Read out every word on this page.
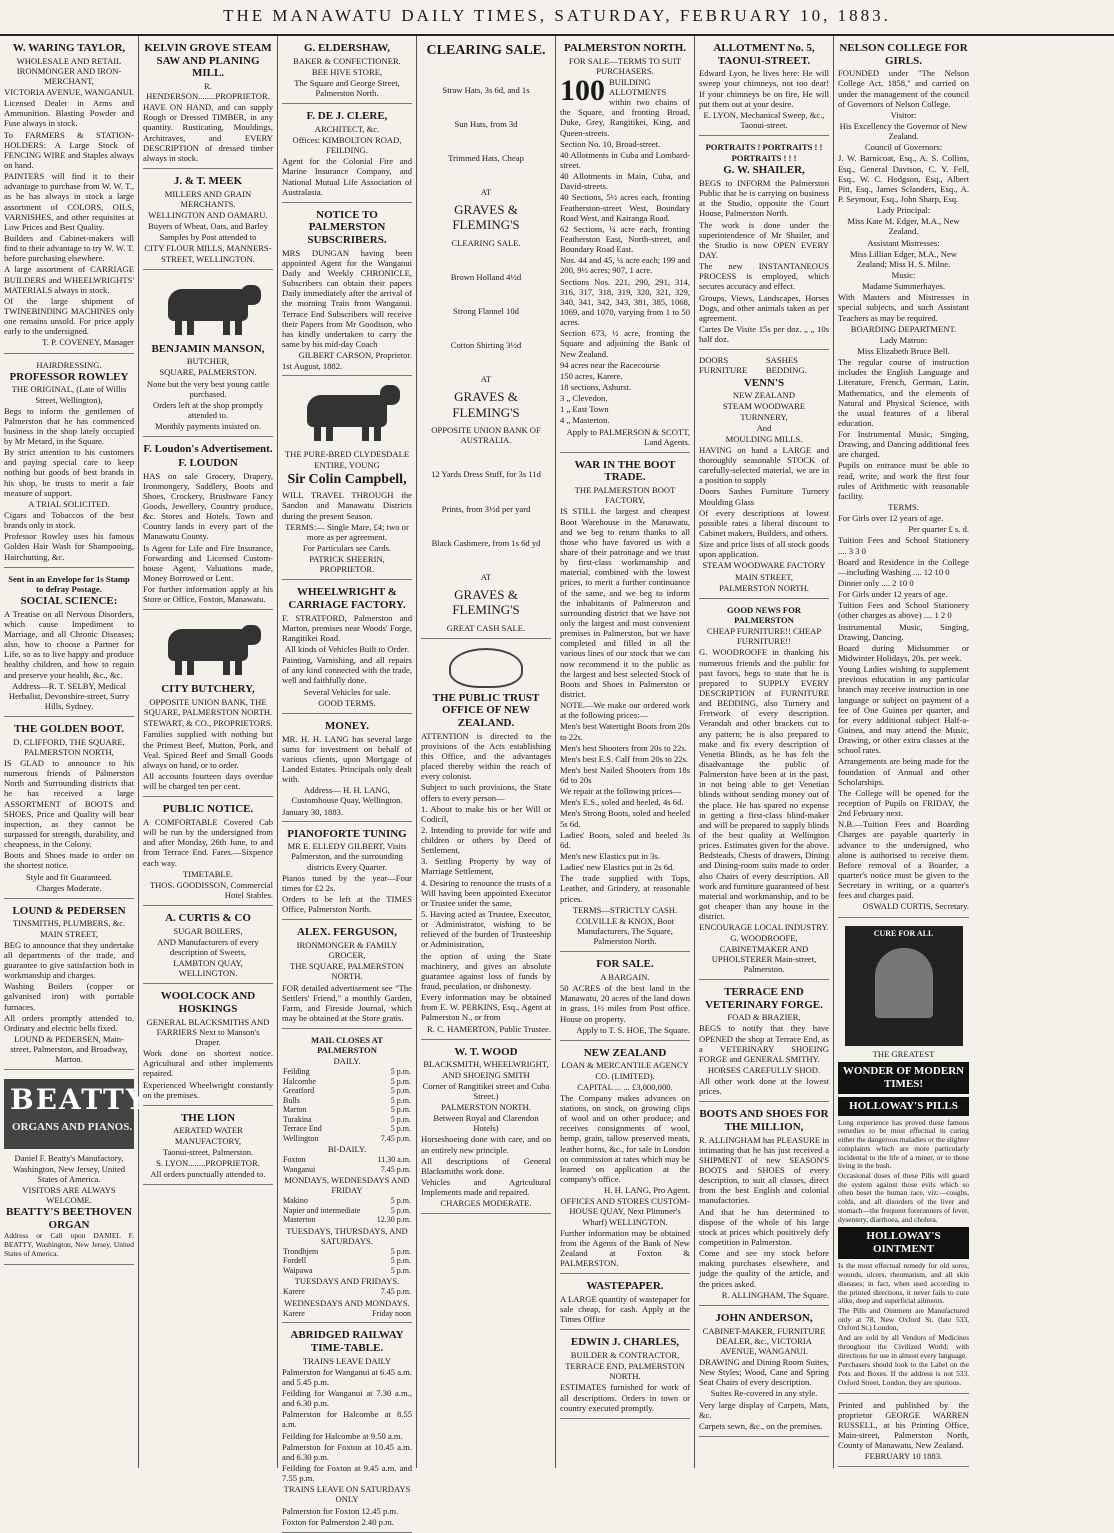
THE MANAWATU DAILY TIMES, SATURDAY, FEBRUARY 10, 1883.
W. WARING TAYLOR,
WHOLESALE AND RETAIL IRONMONGER AND IRON-MERCHANT,
VICTORIA AVENUE, WANGANUI.

Licensed Dealer in Arms and Ammunition. Blasting Powder and Fuse always in stock.

To FARMERS & STATION-HOLDERS: A Large Stock of FENCING WIRE and Staples always on hand.

PAINTERS will find it to their advantage to purchase from W. W. T., as he has always in stock a large assortment of COLORS, OILS, VARNISHES, and other requisites at Low Prices and Best Quality.

Builders and Cabinet-makers will find to their advantage to try W. W. T. before purchasing elsewhere.

A large assortment of CARRIAGE BUILDERS and WHEELWRIGHTS' MATERIALS always in stock.

Of the large shipment of TWINEBINDING MACHINES only one remains unsold. For price apply early to the undersigned.

T. P. COVENEY, Manager
HAIRDRESSING.
PROFESSOR ROWLEY
THE ORIGINAL, (Late of Willis Street, Wellington),

Begs to inform the gentlemen of Palmerston that he has commenced business in the shop lately occupied by Mr Metard, in the Square.

By strict attention to his customers and paying special care to keep nothing but goods of best brands in his shop, he trusts to merit a fair measure of support.

A TRIAL SOLICITED.

Cigars and Tobaccos of the best brands only in stock.

Professor Rowley uses his famous Golden Hair Wash for Shampooing, Hairchutting, &c.

Sent in an Envelope for 1s Stamp to defray Postage.
SOCIAL SCIENCE:

A Treatise on all Nervous Disorders, which cause Impediment to Marriage, and all Chronic Diseases; also, how to choose a Partner for Life, so as to live happy and produce healthy children, and how to regain and preserve your health, &c., &c.

Address—R. T. SELBY, Medical Herbalist, Devonshire-street, Surry Hills, Sydney.
THE GOLDEN BOOT.
D. CLIFFORD, THE SQUARE, PALMERSTON NORTH,

IS GLAD to announce to his numerous friends of Palmerston North and Surrounding districts that he has received a large ASSORTMENT of BOOTS and SHOES, Price and Quality will bear inspection, as they cannot be surpassed for strength, durability, and cheapness, in the Colony.

Boots and Shoes made to order on the shortest notice.

Style and fit Guaranteed.
Charges Moderate.
LOUND & PEDERSEN
TINSMITHS, PLUMBERS, &c. MAIN STREET,

BEG to announce that they undertake all departments of the trade, and guarantee to give satisfaction both in workmanship and charges.

Washing Boilers (copper or galvanised iron) with portable furnaces.

All orders promptly attended to. Ordinary and electric bells fixed.

LOUND & PEDERSEN, Main-street, Palmerston, and Broadway, Marton.
BEATTY
ORGANS AND PIANOS.
Daniel F. Beatty's Manufactory, Washington, New Jersey, United States of America.
VISITORS ARE ALWAYS WELCOME.
BEATTY'S BEETHOVEN ORGAN

Address or Call upon DANIEL F. BEATTY, Washington, New Jersey, United States of America.

KELVIN GROVE STEAM SAW AND PLANING MILL.
R. HENDERSON........PROPRIETOR.

HAVE ON HAND, and can supply Rough or Dressed TIMBER, in any quantity. Rusticating, Mouldings, Architraves, and EVERY DESCRIPTION of dressed timber always in stock.

J. & T. MEEK
MILLERS AND GRAIN MERCHANTS.
WELLINGTON AND OAMARU.
Buyers of Wheat, Oats, and Barley
Samples by Post attended to
CITY FLOUR MILLS, MANNERS-STREET, WELLINGTON.
BENJAMIN MANSON,
BUTCHER,
SQUARE, PALMERSTON.
None but the very best young cattle purchased.
Orders left at the shop promptly attended to.
Monthly payments insisted on.
F. Loudon's Advertisement.
F. LOUDON

HAS on sale Grocery, Drapery, Ironmongery, Saddlery, Boots and Shoes, Crockery, Brushware Fancy Goods, Jewellery, Country produce, &c. Stores and Hotels. Town and Country lands in every part of the Manawatu County.

Is Agent for Life and Fire Insurance, Forwarding and Licensed Custom-house Agent, Valuations made, Money Borrowed or Lent.

For further information apply at his Store or Office, Foxton, Manawatu.

CITY BUTCHERY,
OPPOSITE UNION BANK, THE SQUARE, PALMERSTON NORTH.
STEWART, & CO., PROPRIETORS.

Families supplied with nothing but the Primest Beef, Mutton, Pork, and Veal. Spiced Beef and Small Goods always on hand, or to order.

All accounts fourteen days overdue will be charged ten per cent.

PUBLIC NOTICE.

A COMFORTABLE Covered Cab will be run by the undersigned from and after Monday, 26th June, to and from Terrace End. Fares.—Sixpence each way.

TIMETABLE.
THOS. GOODISSON, Commercial Hotel Stables.
A. CURTIS & CO
SUGAR BOILERS,
AND Manufacturers of every description of Sweets,
LAMBTON QUAY, WELLINGTON.
WOOLCOCK AND HOSKINGS
GENERAL BLACKSMITHS AND FARRIERS Next to Manson's Draper.

Work done on shortest notice. Agricultural and other implements repaired.

Experienced Wheelwright constantly on the premises.

THE LION
AERATED WATER MANUFACTORY,
Taonui-street, Palmerston.
S. LYON........PROPRIETOR.
All orders punctually attended to.
G. ELDERSHAW,
BAKER & CONFECTIONER.
BEE HIVE STORE,
The Square and George Street, Palmerston North.
F. DE J. CLERE,
ARCHITECT, &c.
Offices: KIMBOLTON ROAD, FEILDING.

Agent for the Colonial Fire and Marine Insurance Company, and National Mutual Life Association of Australasia.

NOTICE TO PALMERSTON SUBSCRIBERS.

MRS DUNGAN having been appointed Agent for the Wanganui Daily and Weekly CHRONICLE, Subscribers can obtain their papers Daily immediately after the arrival of the morning Train from Wanganui. Terrace End Subscribers will receive their Papers from Mr Goodison, who has kindly undertaken to carry the same by his mid-day Coach

GILBERT CARSON, Proprietor.
1st August, 1882.
THE PURE-BRED CLYDESDALE ENTIRE, YOUNG
Sir Colin Campbell,

WILL TRAVEL THROUGH the Sandon and Manawatu Districts during the present Season.

TERMS:— Single Mare, £4; two or more as per agreement.
For Particulars see Cards.
PATRICK SHEERIN, PROPRIETOR.
WHEELWRIGHT & CARRIAGE FACTORY.

F. STRATFORD, Palmerston and Marton, premises near Woods' Forge, Rangitikei Road.

All kinds of Vehicles Built to Order.

Painting, Varnishing, and all repairs of any kind connected with the trade, well and faithfully done.

Several Vehicles for sale.
GOOD TERMS.
MONEY.

MR. H. H. LANG has several large sums for investment on behalf of various clients, upon Mortgage of Landed Estates. Principals only dealt with.

Address— H. H. LANG, Customhouse Quay, Wellington.
January 30, 1883.
PIANOFORTE TUNING
MR E. ELLEDY GILBERT, Visits Palmerston, and the surrounding districts Every Quarter.

Pianos tuned by the year—Four times for £2 2s.

Orders to be left at the TIMES Office, Palmerston North.

ALEX. FERGUSON,
IRONMONGER & FAMILY GROCER,
THE SQUARE, PALMERSTON NORTH.

FOR detailed advertisement see "The Settlers' Friend," a monthly Garden, Farm, and Fireside Journal, which may be obtained at the Store gratis.

MAIL CLOSES AT PALMERSTON
DAILY.
Feilding	5 p.m.
Halcombe	5 p.m.
Greatford	5 p.m.
Bulls	5 p.m.
Marton	5 p.m.
Turakina	5 p.m.
Terrace End	5 p.m.
Wellington	7.45 p.m.
BI-DAILY.
Foxton	11.30 a.m.
Wanganui	7.45 p.m.
MONDAYS, WEDNESDAYS AND FRIDAY
Makino	5 p.m.
Napier and intermediate	5 p.m.
Masterton	12.30 p.m.
TUESDAYS, THURSDAYS, AND SATURDAYS.
Trondhjem	5 p.m.
Fordell	5 p.m.
Waipawa	5 p.m.
TUESDAYS AND FRIDAYS.
Karere	7.45 p.m.
WEDNESDAYS AND MONDAYS.
Karere	Friday noon
ABRIDGED RAILWAY TIME-TABLE.
TRAINS LEAVE DAILY

Palmerston for Wanganui at 6.45 a.m. and 5.45 p.m.

Feilding for Wanganui at 7.30 a.m., and 6.30 p.m.

Palmerston for Halcombe at 8.55 a.m.

Feilding for Halcombe at 9.50 a.m.

Palmerston for Foxton at 10.45 a.m. and 6.30 p.m.

Feilding for Foxton at 9.45 a.m. and 7.55 p.m.

TRAINS LEAVE ON SATURDAYS ONLY

Palmerston for Foxton 12.45 p.m.

Foxton for Palmerston 2.40 p.m.

CLEARING SALE.
Straw Hats, 3s 6d, and 1s
Sun Hats, from 3d
Trimmed Hats, Cheap
AT
GRAVES & FLEMING'S
CLEARING SALE.
Brown Holland 4½d
Strong Flannel 10d
Cotton Shirting 3½d
AT
GRAVES & FLEMING'S
OPPOSITE UNION BANK OF AUSTRALIA.
12 Yards Dress Stuff, for 3s 11d
Prints, from 3½d per yard
Black Cashmere, from 1s 6d yd
AT
GRAVES & FLEMING'S
GREAT CASH SALE.
THE PUBLIC TRUST OFFICE OF NEW ZEALAND.

ATTENTION is directed to the provisions of the Acts establishing this Office, and the advantages placed thereby within the reach of every colonist.

Subject to such provisions, the State offers to every person—

1. About to make his or her Will or Codicil,

2. Intending to provide for wife and children or others by Deed of Settlement,

3. Settling Property by way of Marriage Settlement,

4. Desiring to renounce the trusts of a Will having been appointed Executor or Trustee under the same,

5. Having acted as Trustee, Executor, or Administrator, wishing to be relieved of the burden of Trusteeship or Administration,

the option of using the State machinery, and gives an absolute guarantee against loss of funds by fraud, peculation, or dishonesty.

Every information may be obtained from E. W. PERKINS, Esq., Agent at Palmerston N., or from

R. C. HAMERTON, Public Trustee.
W. T. WOOD
BLACKSMITH, WHEELWRIGHT, AND SHOEING SMITH
Corner of Rangitikei street and Cuba Street.)
PALMERSTON NORTH.
Between Royal and Clarendon Hotels)

Horseshoeing done with care, and on an entirely new principle.

All descriptions of General Blacksmiths work done.

Vehicles and Agricultural Implements made and repaired.

CHARGES MODERATE.
PALMERSTON NORTH.
FOR SALE—TERMS TO SUIT PURCHASERS.

100 BUILDING ALLOTMENTS within two chains of the Square, and fronting Broad, Duke, Grey, Rangitikei, King, and Queen-streets.

Section No. 10, Broad-street.

40 Allotments in Cuba and Lombard-street.

40 Allotments in Main, Cuba, and David-streets.

40 Sections, 5½ acres each, fronting Featherston-street West, Boundary Road West, and Kairanga Road.

62 Sections, ¼ acre each, fronting Featherston East, North-street, and Boundary Road East.

Nos. 44 and 45, ¼ acre each; 199 and 200, 9½ acres; 907, 1 acre.

Sections Nos. 221, 290, 291, 314, 316, 317, 318, 319, 320, 321, 329, 340, 341, 342, 343, 381, 385, 1068, 1069, and 1070, varying from 1 to 50 acres.

Section 673, ½ acre, fronting the Square and adjoining the Bank of New Zealand.

94 acres near the Racecourse

150 acres, Karere.

18 sections, Ashurst.

3 „ Clevedon.

1 „ East Town

4 „ Masterton.

Apply to PALMERSON & SCOTT, Land Agents.
WAR IN THE BOOT TRADE.
THE PALMERSTON BOOT FACTORY,

IS STILL the largest and cheapest Boot Warehouse in the Manawatu, and we beg to return thanks to all those who have favored us with a share of their patronage and we trust by first-class workmanship and material, combined with the lowest prices, to merit a further continuance of the same, and we beg to inform the inhabitants of Palmerston and surrounding district that we have not only the largest and most convenient premises in Palmerston, but we have completed and filled in all the various lines of our stock that we can now recommend it to the public as the largest and best selected Stock of Boots and Shoes in Palmerston or district.

NOTE.—We make our ordered work at the following prices:—

Men's best Watertight Boots from 20s to 22s.

Men's best Shooters from 20s to 22s.

Men's best E.S. Calf from 20s to 22s.

Men's best Nailed Shooters from 18s 6d to 20s

We repair at the following prices—

Men's E.S., soled and heeled, 4s 6d.

Men's Strong Boots, soled and heeled 5s 6d.

Ladies' Boots, soled and heeled 3s 6d.

Men's new Elastics put in 3s.

Ladies' new Elastics put in 2s 6d.

The trade supplied with Tops, Leather, and Grindery, at reasonable prices.

TERMS—STRICTLY CASH.
COLVILLE & KNOX, Boot Manufacturers, The Square, Palmerston North.
FOR SALE.
A BARGAIN.

50 ACRES of the best land in the Manawatu, 20 acres of the land down in grass, 1½ miles from Post office. House on property.

Apply to T. S. HOE, The Square.
NEW ZEALAND
LOAN & MERCANTILE AGENCY CO. (LIMITED).
CAPITAL ... ... £3,000,000.

The Company makes advances on stations, on stock, on growing clips of wool and on other produce; and receives consignments of wool, hemp, grain, tallow preserved meats, leather horns, &c., for sale in London on commission at rates which may be learned on application at the company's office.

H. H. LANG, Pro Agent.
OFFICES AND STORES CUSTOM-HOUSE QUAY, Next Plimmer's Wharf) WELLINGTON.

Further information may be obtained from the Agents of the Bank of New Zealand at Foxton & PALMERSTON.

WASTEPAPER.

A LARGE quantity of wastepaper for sale cheap, for cash. Apply at the Times Office

EDWIN J. CHARLES,
BUILDER & CONTRACTOR,
TERRACE END, PALMERSTON NORTH.

ESTIMATES furnished for work of all descriptions. Orders in town or country executed promptly.

ALLOTMENT No. 5, TAONUI-STREET.

Edward Lyon, he lives here: He will sweep your chimneys, not too dear! If your chimneys be on fire, He will put them out at your desire.

E. LYON, Mechanical Sweep, &c., Taonui-street.
PORTRAITS ! PORTRAITS ! !
PORTRAITS ! ! !
G. W. SHAILER,

BEGS to INFORM the Palmerston Public that he is carrying on business at the Studio, opposite the Court House, Palmerston North.

The work is done under the superintendence of Mr Shailer, and the Studio is now OPEN EVERY DAY.

The new INSTANTANEOUS PROCESS is employed, which secures accuracy and effect.

Groups, Views, Landscapes, Horses Dogs, and other animals taken as per agreement.

Cartes De Visite 15s per doz. „ „ 10s half doz.

DOORS FURNITURE
SASHES BEDDING.
VENN'S
NEW ZEALAND
STEAM WOODWARE TURNNERY,
And
MOULDING MILLS.

HAVING on hand a LARGE and thoroughly seasonable STOCK of carefully-selected material, we are in a position to supply

Doors Sashes Furniture Turnery Moulding Glass

Of every descriptions at lowest possible rates a liberal discount to Cabinet makers, Builders, and others.

Size and price lists of all stock goods upon application.

STEAM WOODWARE FACTORY
MAIN STREET,
PALMERSTON NORTH.
GOOD NEWS FOR PALMERSTON
CHEAP FURNITURE!! CHEAP FURNITURE!!

G. WOODROOFE in thanking his numerous friends and the public for past favors, begs to state that he is prepared to SUPPLY EVERY DESCRIPTION of FURNITURE and BEDDING, also Turnery and Fretwork of every description. Verandah and other brackets cut to any pattern; he is also prepared to make and fix every description of Venetia Blinds, as he has felt the disadvantage the public of Palmerston have been at in the past, in not being able to get Venetian blinds without sending money out of the place. He has spared no expense in getting a first-class blind-maker and will be prepared to supply blinds of the best quality at Wellington prices. Estimates given for the above. Bedsteads, Chests of drawers, Dining and Dining-room suits made to order also Chairs of every description. All work and furniture guaranteed of best material and workmanship, and to be got cheaper than any house in the district.

ENCOURAGE LOCAL INDUSTRY.
G. WOODROOFE, CABINETMAKER AND UPHOLSTERER Main-street, Palmerston.
TERRACE END VETERINARY FORGE.
FOAD & BRAZIER,

BEGS to notify that they have OPENED the shop at Terrace End, as a VETERINARY SHOEING FORGE and GENERAL SMITHY.

HORSES CAREFULLY SHOD.

All other work done at the lowest prices.

BOOTS AND SHOES FOR THE MILLION,

R. ALLINGHAM has PLEASURE in intimating that he has just received a SHIPMENT of new SEASON'S BOOTS and SHOES of every description, to suit all classes, direct from the best English and colonial manufactories.

And that he has determined to dispose of the whole of his large stock at prices which positively defy competition in Palmerston.

Come and see my stock before making purchases elsewhere, and judge the quality of the article, and the prices asked.

R. ALLINGHAM, The Square.
JOHN ANDERSON,
CABINET-MAKER, FURNITURE DEALER, &c., VICTORIA AVENUE, WANGANUI.

DRAWING and Dining Room Suites, New Styles; Wood, Cane and Spring Seat Chairs of every description.

Suites Re-covered in any style.

Very large display of Carpets, Mats, &c.

Carpets sewn, &c., on the premises.

NELSON COLLEGE FOR GIRLS.

FOUNDED under "The Nelson College Act, 1858," and carried on under the management of the council of Governors of Nelson College.

Visitor:
His Excellency the Governor of New Zealand.
Council of Governors:

J. W. Barnicoat, Esq., A. S. Collins, Esq., General Davison, C. Y. Fell, Esq., W. C. Hodgson, Esq., Albert Pitt, Esq., James Sclanders, Esq., A. P. Seymour, Esq., John Sharp, Esq.

Lady Principal:
Miss Kate M. Edger, M.A., New Zealand.
Assistant Mistresses:
Miss Lillian Edger, M.A., New Zealand; Miss H. S. Milne.
Music:
Madame Summerhayes.

With Masters and Mistresses in special subjects, and such Assistant Teachers as may be required.

BOARDING DEPARTMENT.
Lady Matron:
Miss Elizabeth Bruce Bell.

The regular course of instruction includes the English Language and Literature, French, German, Latin, Mathematics, and the elements of Natural and Physical Science, with the usual features of a liberal education.

For Instrumental Music, Singing, Drawing, and Dancing additional fees are charged.

Pupils on entrance must be able to read, write, and work the first four rules of Arithmetic with reasonable facility.

TERMS.

For Girls over 12 years of age.

Per quarter £ s. d.

Tuition Fees and School Stationery .... 3 3 0

Board and Residence in the College—including Washing .... 12 10 0

Dinner only .... 2 10 0

For Girls under 12 years of age.

Tuition Fees and School Stationery (other charges as above) .... 1 2 0

Instrumental Music, Singing, Drawing, Dancing.

Board during Midsummer or Midwinter Holidays, 20s. per week.

Young Ladies wishing to supplement previous education in any particular branch may receive instruction in one language or subject on payment of a fee of One Guinea per quarter, and for every additional subject Half-a-Guinea, and may attend the Music, Drawing, or other extra classes at the school rates.

Arrangements are being made for the foundation of Annual and other Scholarships.

The College will be opened for the reception of Pupils on FRIDAY, the 2nd February next.

N.B.—Tuition Fees and Boarding Charges are payable quarterly in advance to the undersigned, who alone is authorised to receive them. Before removal of a Boarder, a quarter's notice must be given to the Secretary in writing, or a quarter's fees and charges paid.

OSWALD CURTIS, Secretary.
CURE FOR ALL
THE GREATEST
WONDER OF MODERN TIMES!
HOLLOWAY'S PILLS

Long experience has proved these famous remedies to be most effectual in curing either the dangerous maladies or the slighter complaints which are more particularly incidental to the life of a miner, or to those living in the bush.

Occasional doses of these Pills will guard the system against those evils which so often beset the human race, viz:—coughs, colds, and all disorders of the liver and stomach—the frequent forerunners of fever, dysentery, diarrhoea, and cholera.

HOLLOWAY'S OINTMENT

Is the most effectual remedy for old sores, wounds, ulcers, rheumatism, and all skin diseases; in fact, when used according to the printed directions, it never fails to cure alike, deep and superficial ailments.

The Pills and Ointment are Manufactured only at 78, New Oxford St. (late 533, Oxford St.) London,

And are sold by all Vendors of Medicines throughout the Civilized World; with directions for use in almost every language.

Purchasers should look to the Label on the Pots and Boxes. If the address is not 533, Oxford Street, London, they are spurious.

Printed and published by the proprietor GEORGE WARREN RUSSELL, at his Printing Office, Main-street, Palmerston North, County of Manawatu, New Zealand.

FEBRUARY 10 1883.
